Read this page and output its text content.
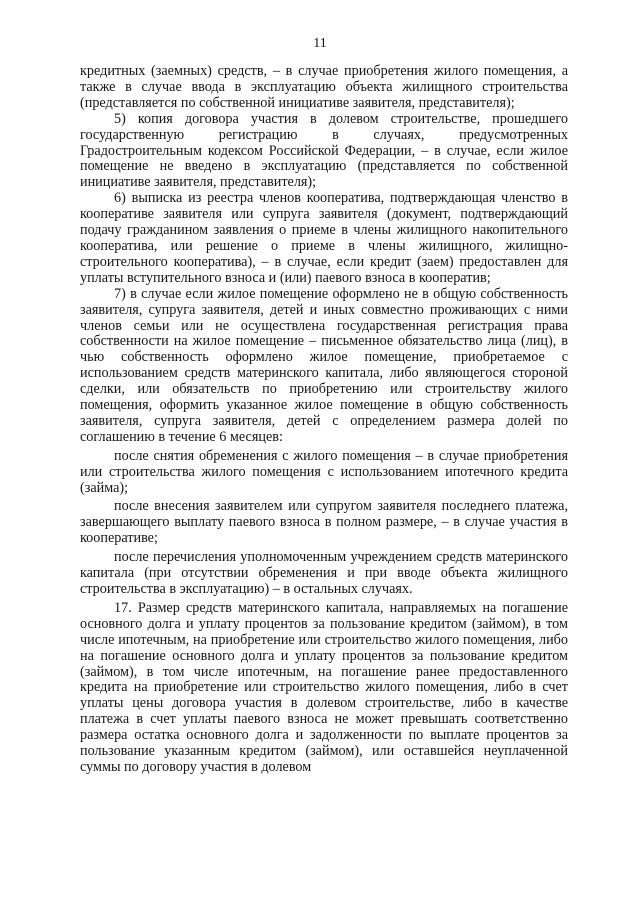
11

кредитных (заемных) средств, – в случае приобретения жилого помещения, а также в случае ввода в эксплуатацию объекта жилищного строительства (представляется по собственной инициативе заявителя, представителя);

5) копия договора участия в долевом строительстве, прошедшего государственную регистрацию в случаях, предусмотренных Градостроительным кодексом Российской Федерации, – в случае, если жилое помещение не введено в эксплуатацию (представляется по собственной инициативе заявителя, представителя);

6) выписка из реестра членов кооператива, подтверждающая членство в кооперативе заявителя или супруга заявителя (документ, подтверждающий подачу гражданином заявления о приеме в члены жилищного накопительного кооператива, или решение о приеме в члены жилищного, жилищно-строительного кооператива), – в случае, если кредит (заем) предоставлен для уплаты вступительного взноса и (или) паевого взноса в кооператив;

7) в случае если жилое помещение оформлено не в общую собственность заявителя, супруга заявителя, детей и иных совместно проживающих с ними членов семьи или не осуществлена государственная регистрация права собственности на жилое помещение – письменное обязательство лица (лиц), в чью собственность оформлено жилое помещение, приобретаемое с использованием средств материнского капитала, либо являющегося стороной сделки, или обязательств по приобретению или строительству жилого помещения, оформить указанное жилое помещение в общую собственность заявителя, супруга заявителя, детей с определением размера долей по соглашению в течение 6 месяцев:

после снятия обременения с жилого помещения – в случае приобретения или строительства жилого помещения с использованием ипотечного кредита (займа);

после внесения заявителем или супругом заявителя последнего платежа, завершающего выплату паевого взноса в полном размере, – в случае участия в кооперативе;

после перечисления уполномоченным учреждением средств материнского капитала (при отсутствии обременения и при вводе объекта жилищного строительства в эксплуатацию) – в остальных случаях.

17. Размер средств материнского капитала, направляемых на погашение основного долга и уплату процентов за пользование кредитом (займом), в том числе ипотечным, на приобретение или строительство жилого помещения, либо на погашение основного долга и уплату процентов за пользование кредитом (займом), в том числе ипотечным, на погашение ранее предоставленного кредита на приобретение или строительство жилого помещения, либо в счет уплаты цены договора участия в долевом строительстве, либо в качестве платежа в счет уплаты паевого взноса не может превышать соответственно размера остатка основного долга и задолженности по выплате процентов за пользование указанным кредитом (займом), или оставшейся неуплаченной суммы по договору участия в долевом
